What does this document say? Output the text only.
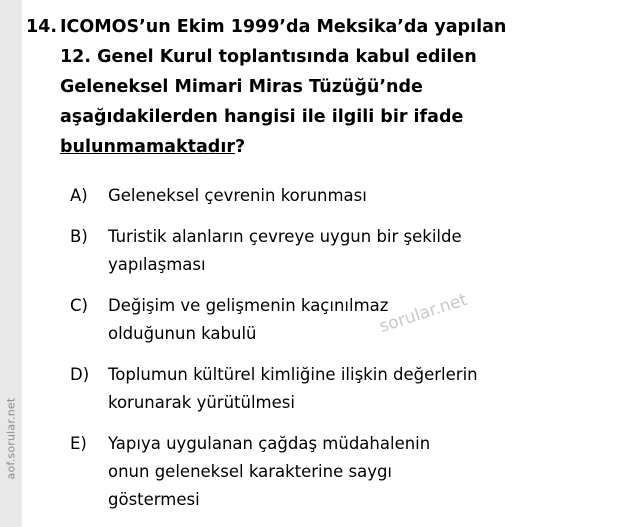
aof.sorular.net
14. ICOMOS’un Ekim 1999’da Meksika’da yapılan
12. Genel Kurul toplantısında kabul edilen
Geleneksel Mimari Miras Tüzüğü’nde
aşağıdakilerden hangisi ile ilgili bir ifade
bulunmamaktadır?
A)	Geleneksel çevrenin korunması
B)	Turistik alanların çevreye uygun bir şekilde
yapılaşması
C)	Değişim ve gelişmenin kaçınılmaz
olduğunun kabulü
D)	Toplumun kültürel kimliğine ilişkin değerlerin
korunarak yürütülmesi
E)	Yapıya uygulanan çağdaş müdahalenin
onun geleneksel karakterine saygı
göstermesi
sorular.net
